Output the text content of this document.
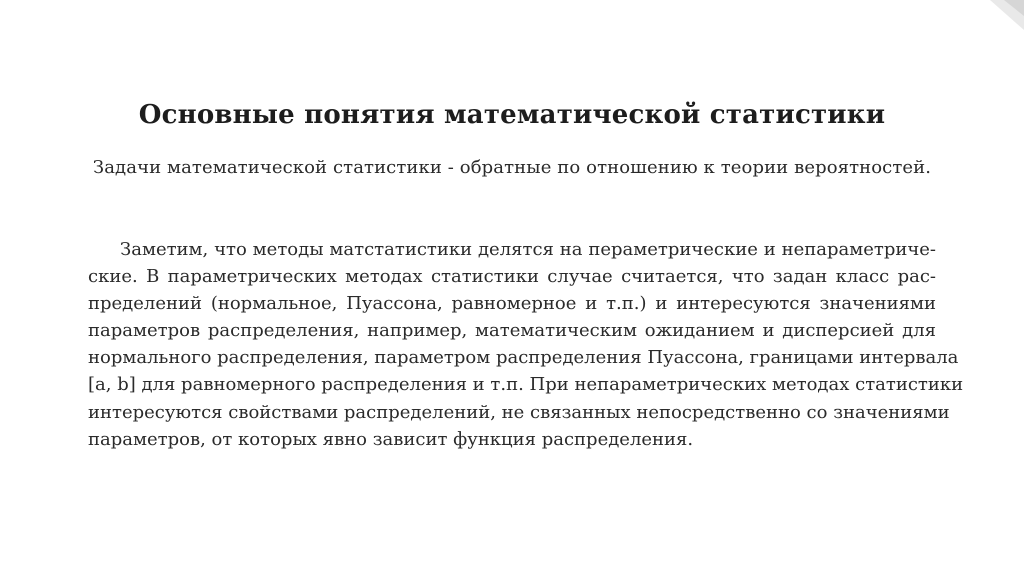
Основные понятия математической статистики
Задачи математической статистики - обратные по отношению к теории вероятностей.
Заметим, что методы матстатистики делятся на пераметрические и непараметриче-
ские. В параметрических методах статистики случае считается, что задан класс рас-
пределений (нормальное, Пуассона, равномерное и т.п.) и интересуются значениями
параметров распределения, например, математическим ожиданием и дисперсией для
нормального распределения, параметром распределения Пуассона, границами интервала
[a, b] для равномерного распределения и т.п. При непараметрических методах статистики
интересуются свойствами распределений, не связанных непосредственно со значениями
параметров, от которых явно зависит функция распределения.
